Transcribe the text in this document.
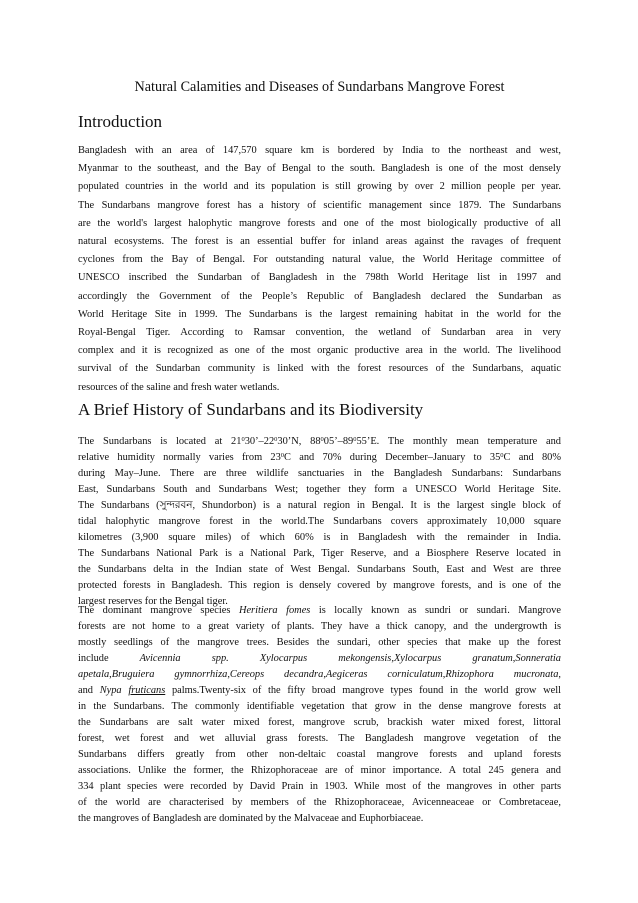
Natural Calamities and Diseases of Sundarbans Mangrove Forest
Introduction
Bangladesh with an area of 147,570 square km is bordered by India to the northeast and west,
Myanmar to the southeast, and the Bay of Bengal to the south. Bangladesh is one of the most densely
populated countries in the world and its population is still growing by over 2 million people per year.
The Sundarbans mangrove forest has a history of scientific management since 1879. The Sundarbans
are the world's largest halophytic mangrove forests and one of the most biologically productive of all
natural ecosystems. The forest is an essential buffer for inland areas against the ravages of frequent
cyclones from the Bay of Bengal. For outstanding natural value, the World Heritage committee of
UNESCO inscribed the Sundarban of Bangladesh in the 798th World Heritage list in 1997 and
accordingly the Government of the People’s Republic of Bangladesh declared the Sundarban as
World Heritage Site in 1999. The Sundarbans is the largest remaining habitat in the world for the
Royal-Bengal Tiger. According to Ramsar convention, the wetland of Sundarban area in very
complex and it is recognized as one of the most organic productive area in the world. The livelihood
survival of the Sundarban community is linked with the forest resources of the Sundarbans, aquatic
resources of the saline and fresh water wetlands.
A Brief History of Sundarbans and its Biodiversity
The Sundarbans is located at $21^030’-22^030’N$, $88^005’-89^055’E$. The monthly mean temperature and
relative humidity normally varies from $23^0C$ and 70% during December–January to $35^0C$ and 80%
during May–June. There are three wildlife sanctuaries in the Bangladesh Sundarbans: Sundarbans
East, Sundarbans South and Sundarbans West; together they form a UNESCO World Heritage Site.
The Sundarbans (সুন্দরবন, Shundorbon) is a natural region in Bengal. It is the largest single block of
tidal halophytic mangrove forest in the world.The Sundarbans covers approximately 10,000 square
kilometres (3,900 square miles) of which 60% is in Bangladesh with the remainder in India.
The Sundarbans National Park is a National Park, Tiger Reserve, and a Biosphere Reserve located in
the Sundarbans delta in the Indian state of West Bengal. Sundarbans South, East and West are three
protected forests in Bangladesh. This region is densely covered by mangrove forests, and is one of the
largest reserves for the Bengal tiger.
The dominant mangrove species Heritiera fomes is locally known as sundri or sundari. Mangrove
forests are not home to a great variety of plants. They have a thick canopy, and the undergrowth is
mostly seedlings of the mangrove trees. Besides the sundari, other species that make up the forest
include Avicennia	spp.	Xylocarpus	mekongensis,Xylocarpus	granatum,Sonneratia
apetala,Bruguiera gymnorrhiza,Cereops decandra,Aegiceras corniculatum,Rhizophora mucronata,
and Nypa fruticans palms.Twenty-six of the fifty broad mangrove types found in the world grow well
in the Sundarbans. The commonly identifiable vegetation that grow in the dense mangrove forests at
the Sundarbans are salt water mixed forest, mangrove scrub, brackish water mixed forest, littoral
forest, wet forest and wet alluvial grass forests. The Bangladesh mangrove vegetation of the
Sundarbans differs greatly from other non-deltaic coastal mangrove forests and upland forests
associations. Unlike the former, the Rhizophoraceae are of minor importance. A total 245 genera and
334 plant species were recorded by David Prain in 1903. While most of the mangroves in other parts
of the world are characterised by members of the Rhizophoraceae, Avicenneaceae or Combretaceae,
the mangroves of Bangladesh are dominated by the Malvaceae and Euphorbiaceae.
